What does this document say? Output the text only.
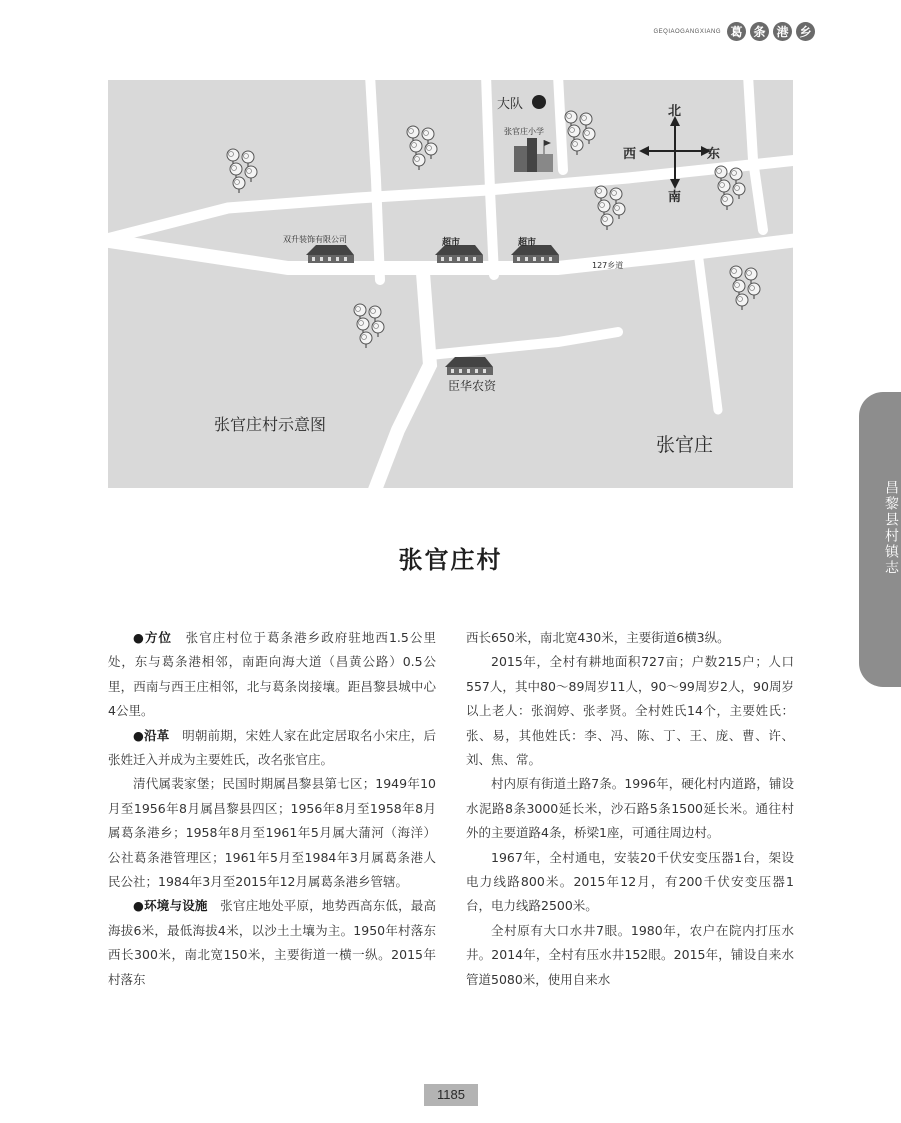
GEQIAOGANGXIANG 葛 条 港 乡
大队
张官庄小学
北
南
西	东
双升装饰有限公司	超市	超市
127乡道
臣华农资
张官庄村示意图
张官庄
张官庄村

●方位　张官庄村位于葛条港乡政府驻地西1.5公里处，东与葛条港相邻，南距向海大道（昌黄公路）0.5公里，西南与西王庄相邻，北与葛条岗接壤。距昌黎县城中心4公里。

●沿革　明朝前期，宋姓人家在此定居取名小宋庄，后张姓迁入并成为主要姓氏，改名张官庄。

清代属裴家堡；民国时期属昌黎县第七区；1949年10月至1956年8月属昌黎县四区；1956年8月至1958年8月属葛条港乡；1958年8月至1961年5月属大蒲河（海洋）公社葛条港管理区；1961年5月至1984年3月属葛条港人民公社；1984年3月至2015年12月属葛条港乡管辖。

●环境与设施　张官庄地处平原，地势西高东低，最高海拔6米，最低海拔4米，以沙土土壤为主。1950年村落东西长300米，南北宽150米，主要街道一横一纵。2015年村落东

西长650米，南北宽430米，主要街道6横3纵。

2015年，全村有耕地面积727亩；户数215户；人口557人，其中80～89周岁11人，90～99周岁2人，90周岁以上老人：张润婷、张孝贤。全村姓氏14个，主要姓氏：张、易，其他姓氏：李、冯、陈、丁、王、庞、曹、许、刘、焦、常。

村内原有街道土路7条。1996年，硬化村内道路，铺设水泥路8条3000延长米，沙石路5条1500延长米。通往村外的主要道路4条，桥梁1座，可通往周边村。

1967年，全村通电，安装20千伏安变压器1台，架设电力线路800米。2015年12月，有200千伏安变压器1台，电力线路2500米。

全村原有大口水井7眼。1980年，农户在院内打压水井。2014年，全村有压水井152眼。2015年，铺设自来水管道5080米，使用自来水

昌黎县村镇志
1185
